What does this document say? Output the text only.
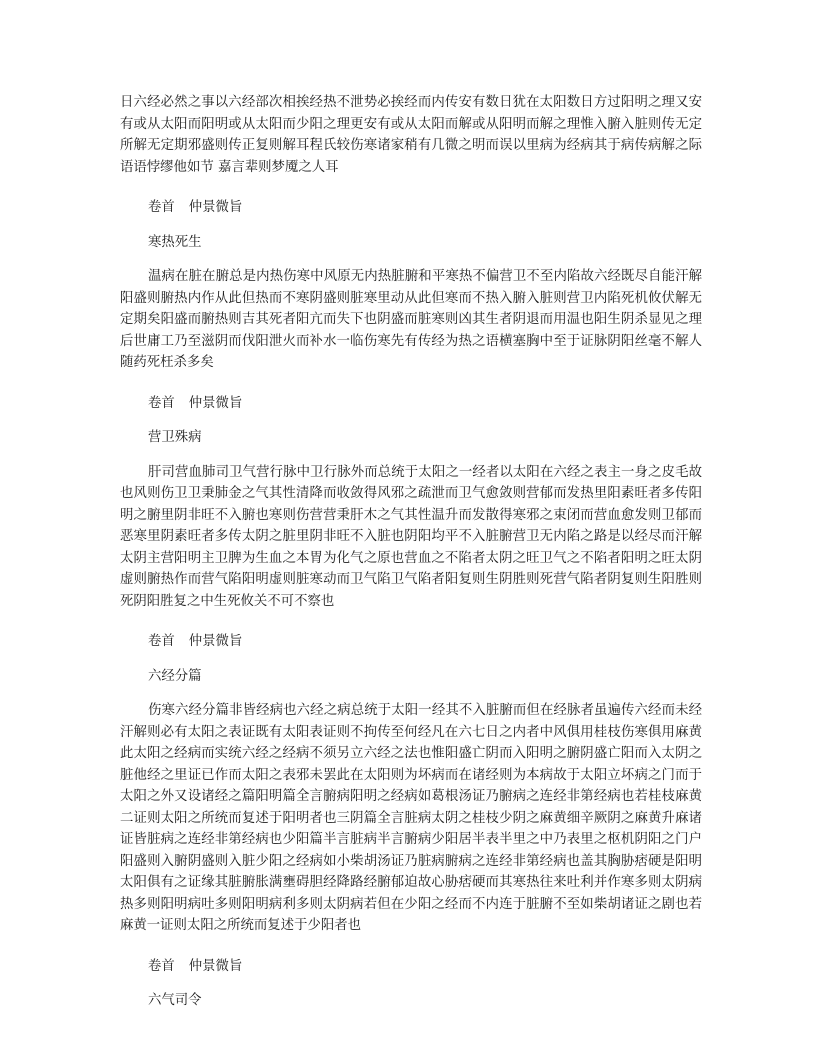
日六经必然之事以六经部次相挨经热不泄势必挨经而内传安有数日犹在太阳数日方过阳明之理又安有或从太阳而阳明或从太阳而少阳之理更安有或从太阳而解或从阳明而解之理惟入腑入脏则传无定所解无定期邪盛则传正复则解耳程氏较伤寒诸家稍有几微之明而误以里病为经病其于病传病解之际语语悖缪他如节 嘉言辈则梦魇之人耳

卷首 仲景微旨

寒热死生

温病在脏在腑总是内热伤寒中风原无内热脏腑和平寒热不偏营卫不至内陷故六经既尽自能汗解阳盛则腑热内作从此但热而不寒阴盛则脏寒里动从此但寒而不热入腑入脏则营卫内陷死机攸伏解无定期矣阳盛而腑热则吉其死者阳亢而失下也阴盛而脏寒则凶其生者阴退而用温也阳生阴杀显见之理后世庸工乃至滋阴而伐阳泄火而补水一临伤寒先有传经为热之语横塞胸中至于证脉阴阳丝毫不解人随药死枉杀多矣

卷首 仲景微旨

营卫殊病

肝司营血肺司卫气营行脉中卫行脉外而总统于太阳之一经者以太阳在六经之表主一身之皮毛故也风则伤卫卫秉肺金之气其性清降而收敛得风邪之疏泄而卫气愈敛则营郁而发热里阳素旺者多传阳明之腑里阴非旺不入腑也寒则伤营营秉肝木之气其性温升而发散得寒邪之束闭而营血愈发则卫郁而恶寒里阴素旺者多传太阴之脏里阴非旺不入脏也阴阳均平不入脏腑营卫无内陷之路是以经尽而汗解太阴主营阳明主卫脾为生血之本胃为化气之原也营血之不陷者太阴之旺卫气之不陷者阳明之旺太阴虚则腑热作而营气陷阳明虚则脏寒动而卫气陷卫气陷者阳复则生阴胜则死营气陷者阴复则生阳胜则死阴阳胜复之中生死攸关不可不察也

卷首 仲景微旨

六经分篇

伤寒六经分篇非皆经病也六经之病总统于太阳一经其不入脏腑而但在经脉者虽遍传六经而未经汗解则必有太阳之表证既有太阳表证则不拘传至何经凡在六七日之内者中风俱用桂枝伤寒俱用麻黄此太阳之经病而实统六经之经病不须另立六经之法也惟阳盛亡阴而入阳明之腑阴盛亡阳而入太阴之脏他经之里证已作而太阳之表邪未罢此在太阳则为坏病而在诸经则为本病故于太阳立坏病之门而于太阳之外又设诸经之篇阳明篇全言腑病阳明之经病如葛根汤证乃腑病之连经非第经病也若桂枝麻黄二证则太阳之所统而复述于阳明者也三阴篇全言脏病太阴之桂枝少阴之麻黄细辛厥阴之麻黄升麻诸证皆脏病之连经非第经病也少阳篇半言脏病半言腑病少阳居半表半里之中乃表里之枢机阴阳之门户阳盛则入腑阴盛则入脏少阳之经病如小柴胡汤证乃脏病腑病之连经非第经病也盖其胸胁痞硬是阳明太阳俱有之证缘其脏腑胀满壅碍胆经降路经腑郁迫故心胁痞硬而其寒热往来吐利并作寒多则太阴病热多则阳明病吐多则阳明病利多则太阴病若但在少阳之经而不内连于脏腑不至如柴胡诸证之剧也若麻黄一证则太阳之所统而复述于少阳者也

卷首 仲景微旨

六气司令
